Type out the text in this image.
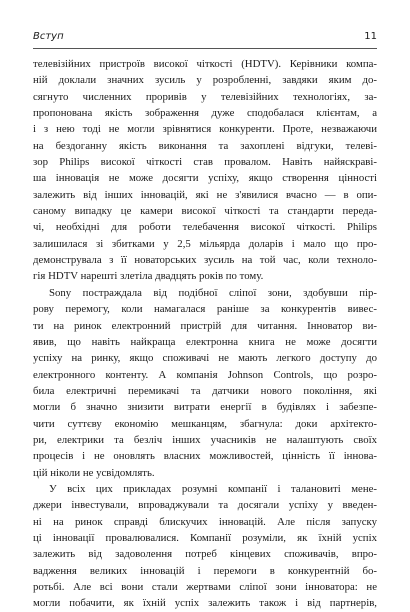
Вступ	11
телевізійних пристроїв високої чіткості (HDTV). Керівники компа-
ній доклали значних зусиль у розробленні, завдяки яким до-
сягнуто численних проривів у телевізійних технологіях, за-
пропонована якість зображення дуже сподобалася клієнтам, а
і з нею тоді не могли зрівнятися конкуренти. Проте, незважаючи
на бездоганну якість виконання та захоплені відгуки, телеві-
зор Philips високої чіткості став провалом. Навіть найяскраві-
ша інновація не може досягти успіху, якщо створення цінності
залежить від інших інновацій, які не з'явилися вчасно — в опи-
саному випадку це камери високої чіткості та стандарти переда-
чі, необхідні для роботи телебачення високої чіткості. Philips
залишилася зі збитками у 2,5 мільярда доларів і мало що про-
демонструвала з її новаторських зусиль на той час, коли техноло-
гія HDTV нарешті злетіла двадцять років по тому.
Sony постраждала від подібної сліпої зони, здобувши пір-
рову перемогу, коли намагалася раніше за конкурентів вивес-
ти на ринок електронний пристрій для читання. Інноватор ви-
явив, що навіть найкраща електронна книга не може досягти
успіху на ринку, якщо споживачі не мають легкого доступу до
електронного контенту. А компанія Johnson Controls, що розро-
била електричні перемикачі та датчики нового покоління, які
могли б значно знизити витрати енергії в будівлях і забезпе-
чити суттєву економію мешканцям, збагнула: доки архітекто-
ри, електрики та безліч інших учасників не налаштують своїх
процесів і не оновлять власних можливостей, цінність її іннова-
цій ніколи не усвідомлять.
У всіх цих прикладах розумні компанії і талановиті мене-
джери інвестували, впроваджували та досягали успіху у введен-
ні на ринок справді блискучих інновацій. Але після запуску
ці інновації провалювалися. Компанії розуміли, як їхній успіх
залежить від задоволення потреб кінцевих споживачів, впро-
вадження великих інновацій і перемоги в конкурентній бо-
ротьбі. Але всі вони стали жертвами сліпої зони інноватора: не
могли побачити, як їхній успіх залежить також і від партнерів,
